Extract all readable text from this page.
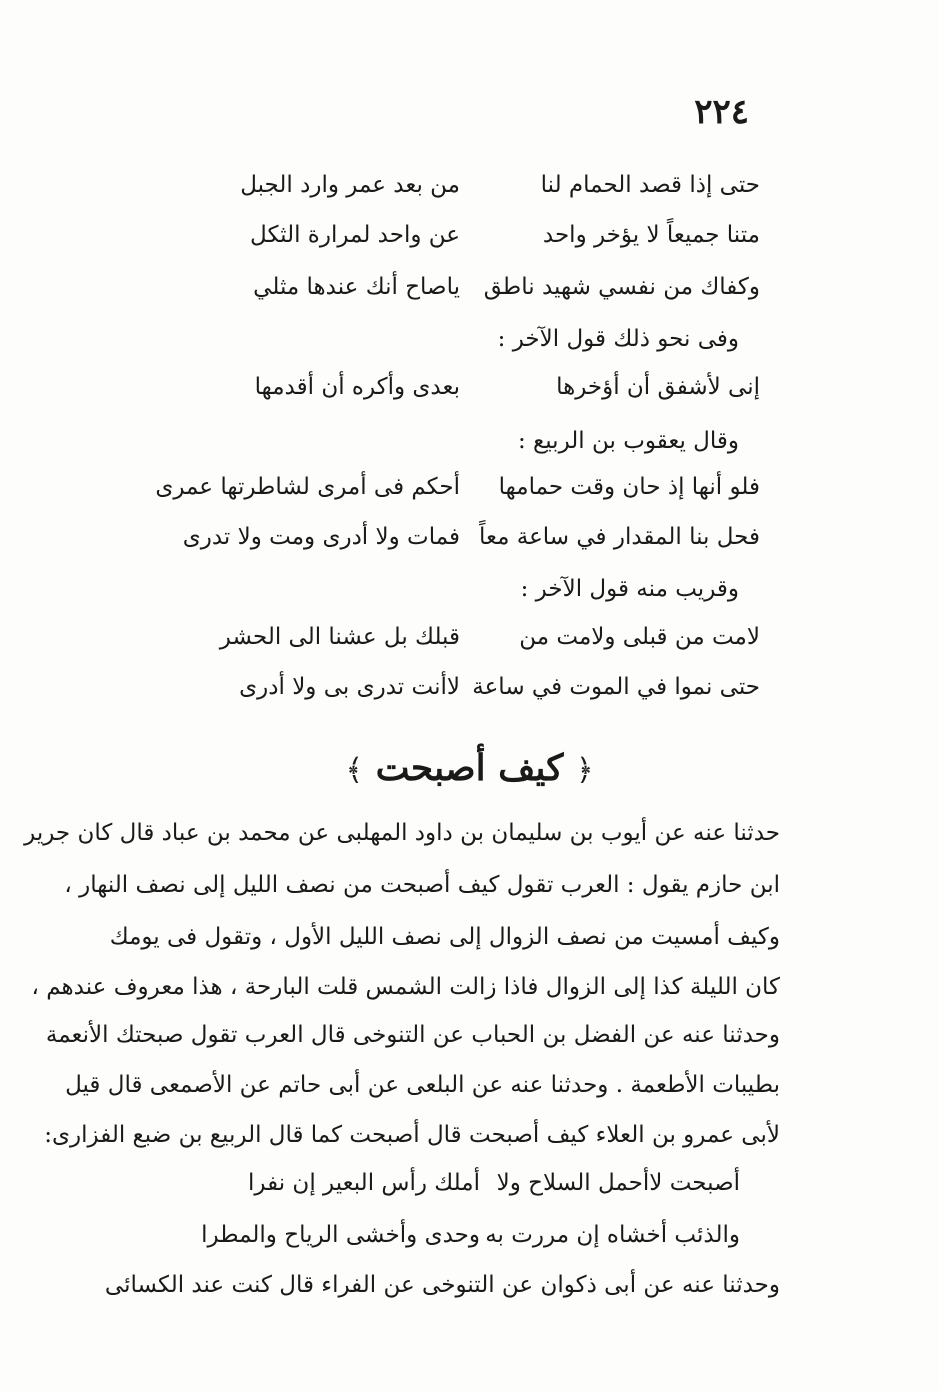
٢٢٤
حتى إذا قصد الحمام لنا
من بعد عمر وارد الجبل
متنا جميعاً لا يؤخر واحد
عن واحد لمرارة الثكل
وكفاك من نفسي شهيد ناطق
ياصاح أنك عندها مثلي
وفى نحو ذلك قول الآخر :
إنى لأشفق أن أؤخرها
بعدى وأكره أن أقدمها
وقال يعقوب بن الربيع :
فلو أنها إذ حان وقت حمامها
أحكم فى أمرى لشاطرتها عمرى
فحل بنا المقدار في ساعة معاً
فمات ولا أدرى ومت ولا تدرى
وقريب منه قول الآخر :
لامت من قبلى ولامت من
قبلك بل عشنا الى الحشر
حتى نموا في الموت في ساعة
لاأنت تدرى بى ولا أدرى
﴿ كيف أصبحت ﴾
حدثنا عنه عن أيوب بن سليمان بن داود المهلبى عن محمد بن عباد قال كان جرير
ابن حازم يقول : العرب تقول كيف أصبحت من نصف الليل إلى نصف النهار ،
وكيف أمسيت من نصف الزوال إلى نصف الليل الأول ، وتقول فى يومك
كان الليلة كذا إلى الزوال فاذا زالت الشمس قلت البارحة ، هذا معروف عندهم ،
وحدثنا عنه عن الفضل بن الحباب عن التنوخى قال العرب تقول صبحتك الأنعمة
بطيبات الأطعمة . وحدثنا عنه عن البلعى عن أبى حاتم عن الأصمعى قال قيل
لأبى عمرو بن العلاء كيف أصبحت قال أصبحت كما قال الربيع بن ضبع الفزارى:
أصبحت لاأحمل السلاح ولا
أملك رأس البعير إن نفرا
والذئب أخشاه إن مررت به
وحدى وأخشى الرياح والمطرا
وحدثنا عنه عن أبى ذكوان عن التنوخى عن الفراء قال كنت عند الكسائى
